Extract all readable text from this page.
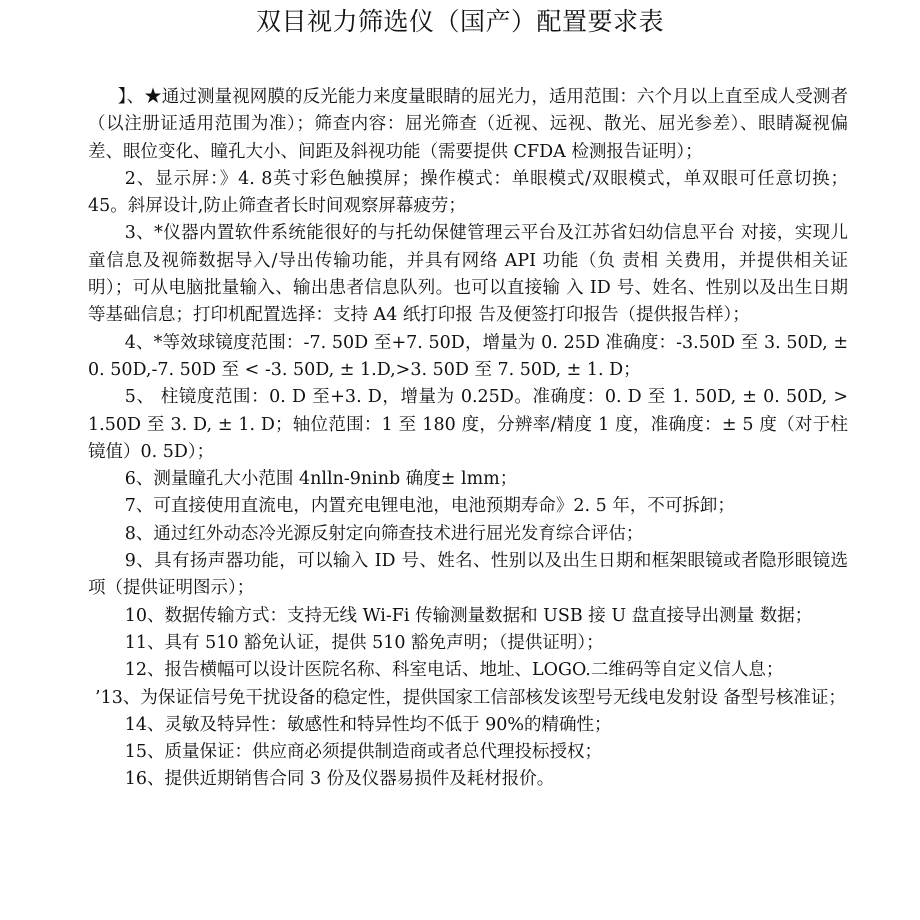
双目视力筛选仪（国产）配置要求表

】、★通过测量视网膜的反光能力来度量眼睛的屈光力，适用范围：六个月以上直至成人受测者（以注册证适用范围为准）；筛查内容：屈光筛查（近视、远视、散光、屈光参差）、眼睛凝视偏差、眼位变化、瞳孔大小、间距及斜视功能（需要提供 CFDA 检测报告证明）；

2、显示屏：》4. 8英寸彩色触摸屏；操作模式：单眼模式/双眼模式，单双眼可任意切换；45。斜屏设计,防止筛查者长时间观察屏幕疲劳；

3、*仪器内置软件系统能很好的与托幼保健管理云平台及江苏省妇幼信息平台 对接，实现儿童信息及视筛数据导入/导出传输功能，并具有网络 API 功能（负 责相 关费用，并提供相关证明）；可从电脑批量输入、输出患者信息队列。也可以直接输 入 ID 号、姓名、性别以及出生日期等基础信息；打印机配置选择：支持 A4 纸打印报 告及便签打印报告（提供报告样）；

4、*等效球镜度范围：-7. 50D 至+7. 50D，增量为 0. 25D 准确度：-3.50D 至 3. 50D, ± 0. 50D,-7. 50D 至 < -3. 50D, ± 1.D,>3. 50D 至 7. 50D, ± 1. D；

5、 柱镜度范围：0. D 至+3. D，增量为 0.25D。准确度：0. D 至 1. 50D, ± 0. 50D, > 1.50D 至 3. D, ± 1. D；轴位范围：1 至 180 度，分辨率/精度 1 度，准确度：± 5 度（对于柱镜值）0. 5D）；

6、测量瞳孔大小范围 4nlln-9ninb 确度± lmm；

7、可直接使用直流电，内置充电锂电池，电池预期寿命》2. 5 年，不可拆卸；

8、通过红外动态冷光源反射定向筛查技术进行屈光发育综合评估；

9、具有扬声器功能，可以输入 ID 号、姓名、性别以及出生日期和框架眼镜或者隐形眼镜选项（提供证明图示）；

10、数据传输方式：支持无线 Wi-Fi 传输测量数据和 USB 接 U 盘直接导出测量 数据；

11、具有 510 豁免认证，提供 510 豁免声明；（提供证明）；

12、报告横幅可以设计医院名称、科室电话、地址、LOGO.二维码等自定义信人息；

’13、为保证信号免干扰设备的稳定性，提供国家工信部核发该型号无线电发射设 备型号核准证；

14、灵敏及特异性：敏感性和特异性均不低于 90%的精确性；

15、质量保证：供应商必须提供制造商或者总代理投标授权；

16、提供近期销售合同 3 份及仪器易损件及耗材报价。
